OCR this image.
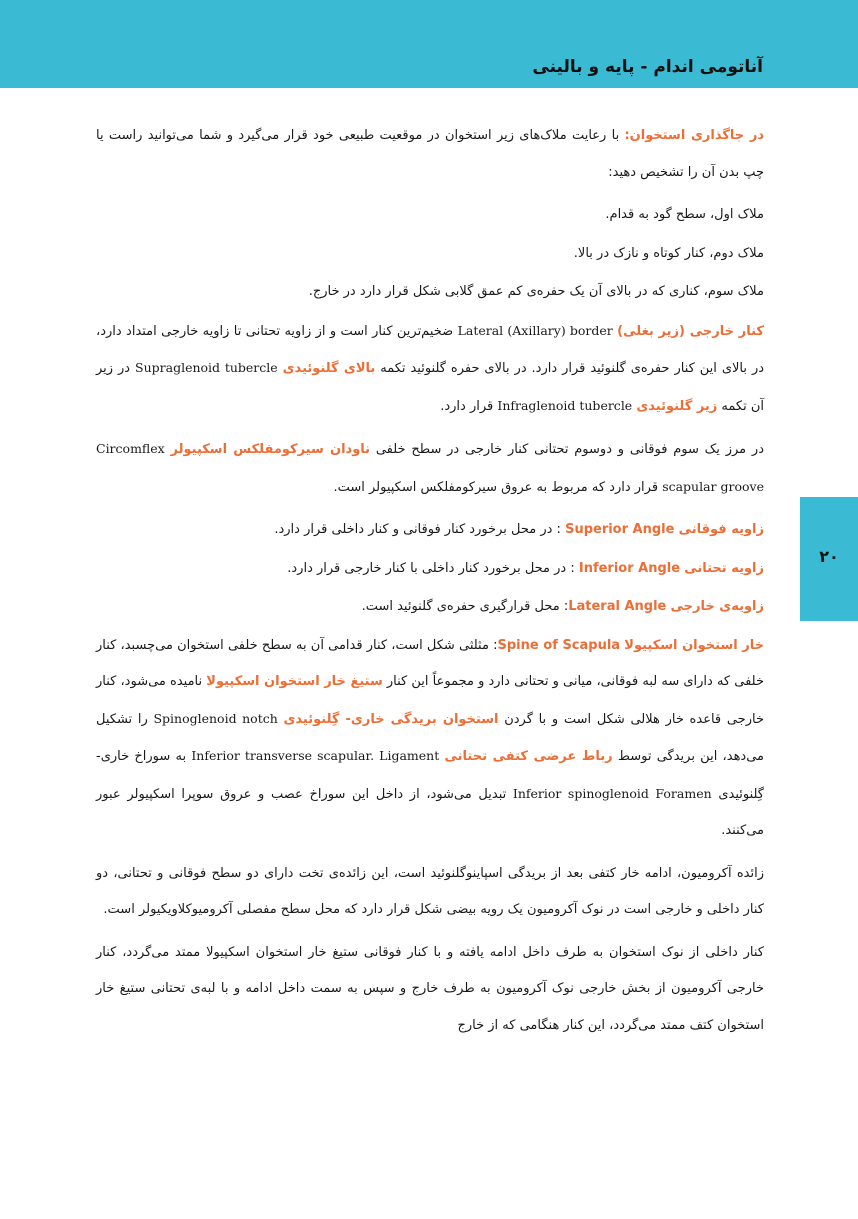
آناتومی اندام - پایه و بالینی
۲۰

در جاگذاری استخوان: با رعایت ملاک‌های زیر استخوان در موقعیت طبیعی خود قرار می‌گیرد و شما می‌توانید راست یا چپ بدن آن را تشخیص دهید:

ملاک اول، سطح گود به قدام.

ملاک دوم، کنار کوتاه و نازک در بالا.

ملاک سوم، کناری که در بالای آن یک حفره‌ی کم عمق گلابی شکل قرار دارد در خارج.

کنار خارجی (زیر بغلی) Lateral (Axillary) border ضخیم‌ترین کنار است و از زاویه تحتانی تا زاویه خارجی امتداد دارد، در بالای این کنار حفره‌ی گلنوئید قرار دارد. در بالای حفره گلنوئید تکمه بالای گلنوئیدی Supraglenoid tubercle در زیر آن تکمه زیر گلنوئیدی Infraglenoid tubercle قرار دارد.

در مرز یک سوم فوقانی و دوسوم تحتانی کنار خارجی در سطح خلفی ناودان سیرکومفلکس اسکپیولر Circomflex scapular groove قرار دارد که مربوط به عروق سیرکومفلکس اسکپیولر است.

زاویه فوقانی Superior Angle : در محل برخورد کنار فوقانی و کنار داخلی قرار دارد.

زاویه تحتانی Inferior Angle : در محل برخورد کنار داخلی با کنار خارجی قرار دارد.

زاویه‌ی خارجی Lateral Angle: محل قرارگیری حفره‌ی گلنوئید است.

خار استخوان اسکپیولا Spine of Scapula: مثلثی شکل است، کنار قدامی آن به سطح خلفی استخوان می‌چسبد، کنار خلفی که دارای سه لبه فوقانی، میانی و تحتانی دارد و مجموعاً این کنار ستیغ خار استخوان اسکپیولا نامیده می‌شود، کنار خارجی قاعده خار هلالی شکل است و با گردن استخوان بریدگی خاری- گِلنوئیدی Spinoglenoid notch را تشکیل می‌دهد، این بریدگی توسط رباط عرضی کتفی تحتانی Inferior transverse scapular. Ligament به سوراخ خاری- گِلنوئیدی Inferior spinoglenoid Foramen تبدیل می‌شود، از داخل این سوراخ عصب و عروق سوپرا اسکپیولر عبور می‌کنند.

زائده آکرومیون، ادامه خار کتفی بعد از بریدگی اسپاینوگلنوئید است، این زائده‌ی تخت دارای دو سطح فوقانی و تحتانی، دو کنار داخلی و خارجی است در نوک آکرومیون یک رویه بیضی شکل قرار دارد که محل سطح مفصلی آکرومیوکلاویکیولر است.

کنار داخلی از نوک استخوان به طرف داخل ادامه یافته و با کنار فوقانی ستیغ خار استخوان اسکپیولا ممتد می‌گردد، کنار خارجی آکرومیون از بخش خارجی نوک آکرومیون به طرف خارج و سپس به سمت داخل ادامه و با لبه‌ی تحتانی ستیغ خار استخوان کتف ممتد می‌گردد، این کنار هنگامی که از خارج
